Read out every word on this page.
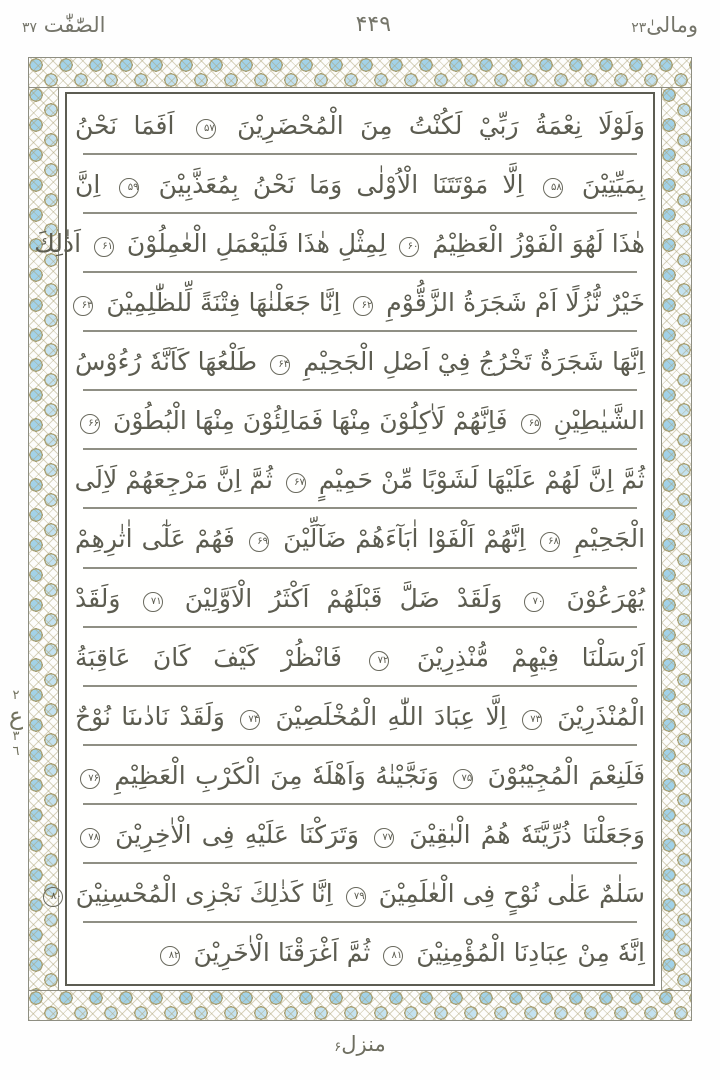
ومالىٰ۲۳
۴۴۹
الصّٰفّٰت ۳۷
وَلَوْلَا نِعْمَةُ رَبِّيْ لَكُنْتُ مِنَ الْمُحْضَرِيْنَ ۵۷ اَفَمَا نَحْنُ
بِمَيِّتِيْنَ ۵۸ اِلَّا مَوْتَتَنَا الْاُوْلٰى وَمَا نَحْنُ بِمُعَذَّبِيْنَ ۵۹ اِنَّ
هٰذَا لَهُوَ الْفَوْزُ الْعَظِيْمُ ۶۰ لِمِثْلِ هٰذَا فَلْيَعْمَلِ الْعٰمِلُوْنَ ۶۱ اَذٰلِكَ
خَيْرٌ نُّزُلًا اَمْ شَجَرَةُ الزَّقُّوْمِ ۶۲ اِنَّا جَعَلْنٰهَا فِتْنَةً لِّلظّٰلِمِيْنَ ۶۳
اِنَّهَا شَجَرَةٌ تَخْرُجُ فِيْ اَصْلِ الْجَحِيْمِ ۶۴ طَلْعُهَا كَاَنَّهٗ رُءُوْسُ
الشَّيٰطِيْنِ ۶۵ فَاِنَّهُمْ لَاٰكِلُوْنَ مِنْهَا فَمَالِئُوْنَ مِنْهَا الْبُطُوْنَ ۶۶
ثُمَّ اِنَّ لَهُمْ عَلَيْهَا لَشَوْبًا مِّنْ حَمِيْمٍ ۶۷ ثُمَّ اِنَّ مَرْجِعَهُمْ لَاِلَى
الْجَحِيْمِ ۶۸ اِنَّهُمْ اَلْفَوْا اٰبَآءَهُمْ ضَآلِّيْنَ ۶۹ فَهُمْ عَلٰٓى اٰثٰرِهِمْ
يُهْرَعُوْنَ ۷۰ وَلَقَدْ ضَلَّ قَبْلَهُمْ اَكْثَرُ الْاَوَّلِيْنَ ۷۱ وَلَقَدْ
اَرْسَلْنَا فِيْهِمْ مُّنْذِرِيْنَ ۷۲ فَانْظُرْ كَيْفَ كَانَ عَاقِبَةُ
الْمُنْذَرِيْنَ ۷۳ اِلَّا عِبَادَ اللّٰهِ الْمُخْلَصِيْنَ ۷۴ وَلَقَدْ نَادٰىنَا نُوْحٌ
فَلَنِعْمَ الْمُجِيْبُوْنَ ۷۵ وَنَجَّيْنٰهُ وَاَهْلَهٗ مِنَ الْكَرْبِ الْعَظِيْمِ ۷۶
وَجَعَلْنَا ذُرِّيَّتَهٗ هُمُ الْبٰقِيْنَ ۷۷ وَتَرَكْنَا عَلَيْهِ فِى الْاٰخِرِيْنَ ۷۸
سَلٰمٌ عَلٰى نُوْحٍ فِى الْعٰلَمِيْنَ ۷۹ اِنَّا كَذٰلِكَ نَجْزِى الْمُحْسِنِيْنَ ۸۰
اِنَّهٗ مِنْ عِبَادِنَا الْمُؤْمِنِيْنَ ۸۱ ثُمَّ اَغْرَقْنَا الْاٰخَرِيْنَ ۸۲
۲
ع
۳
٦
منزل۶
